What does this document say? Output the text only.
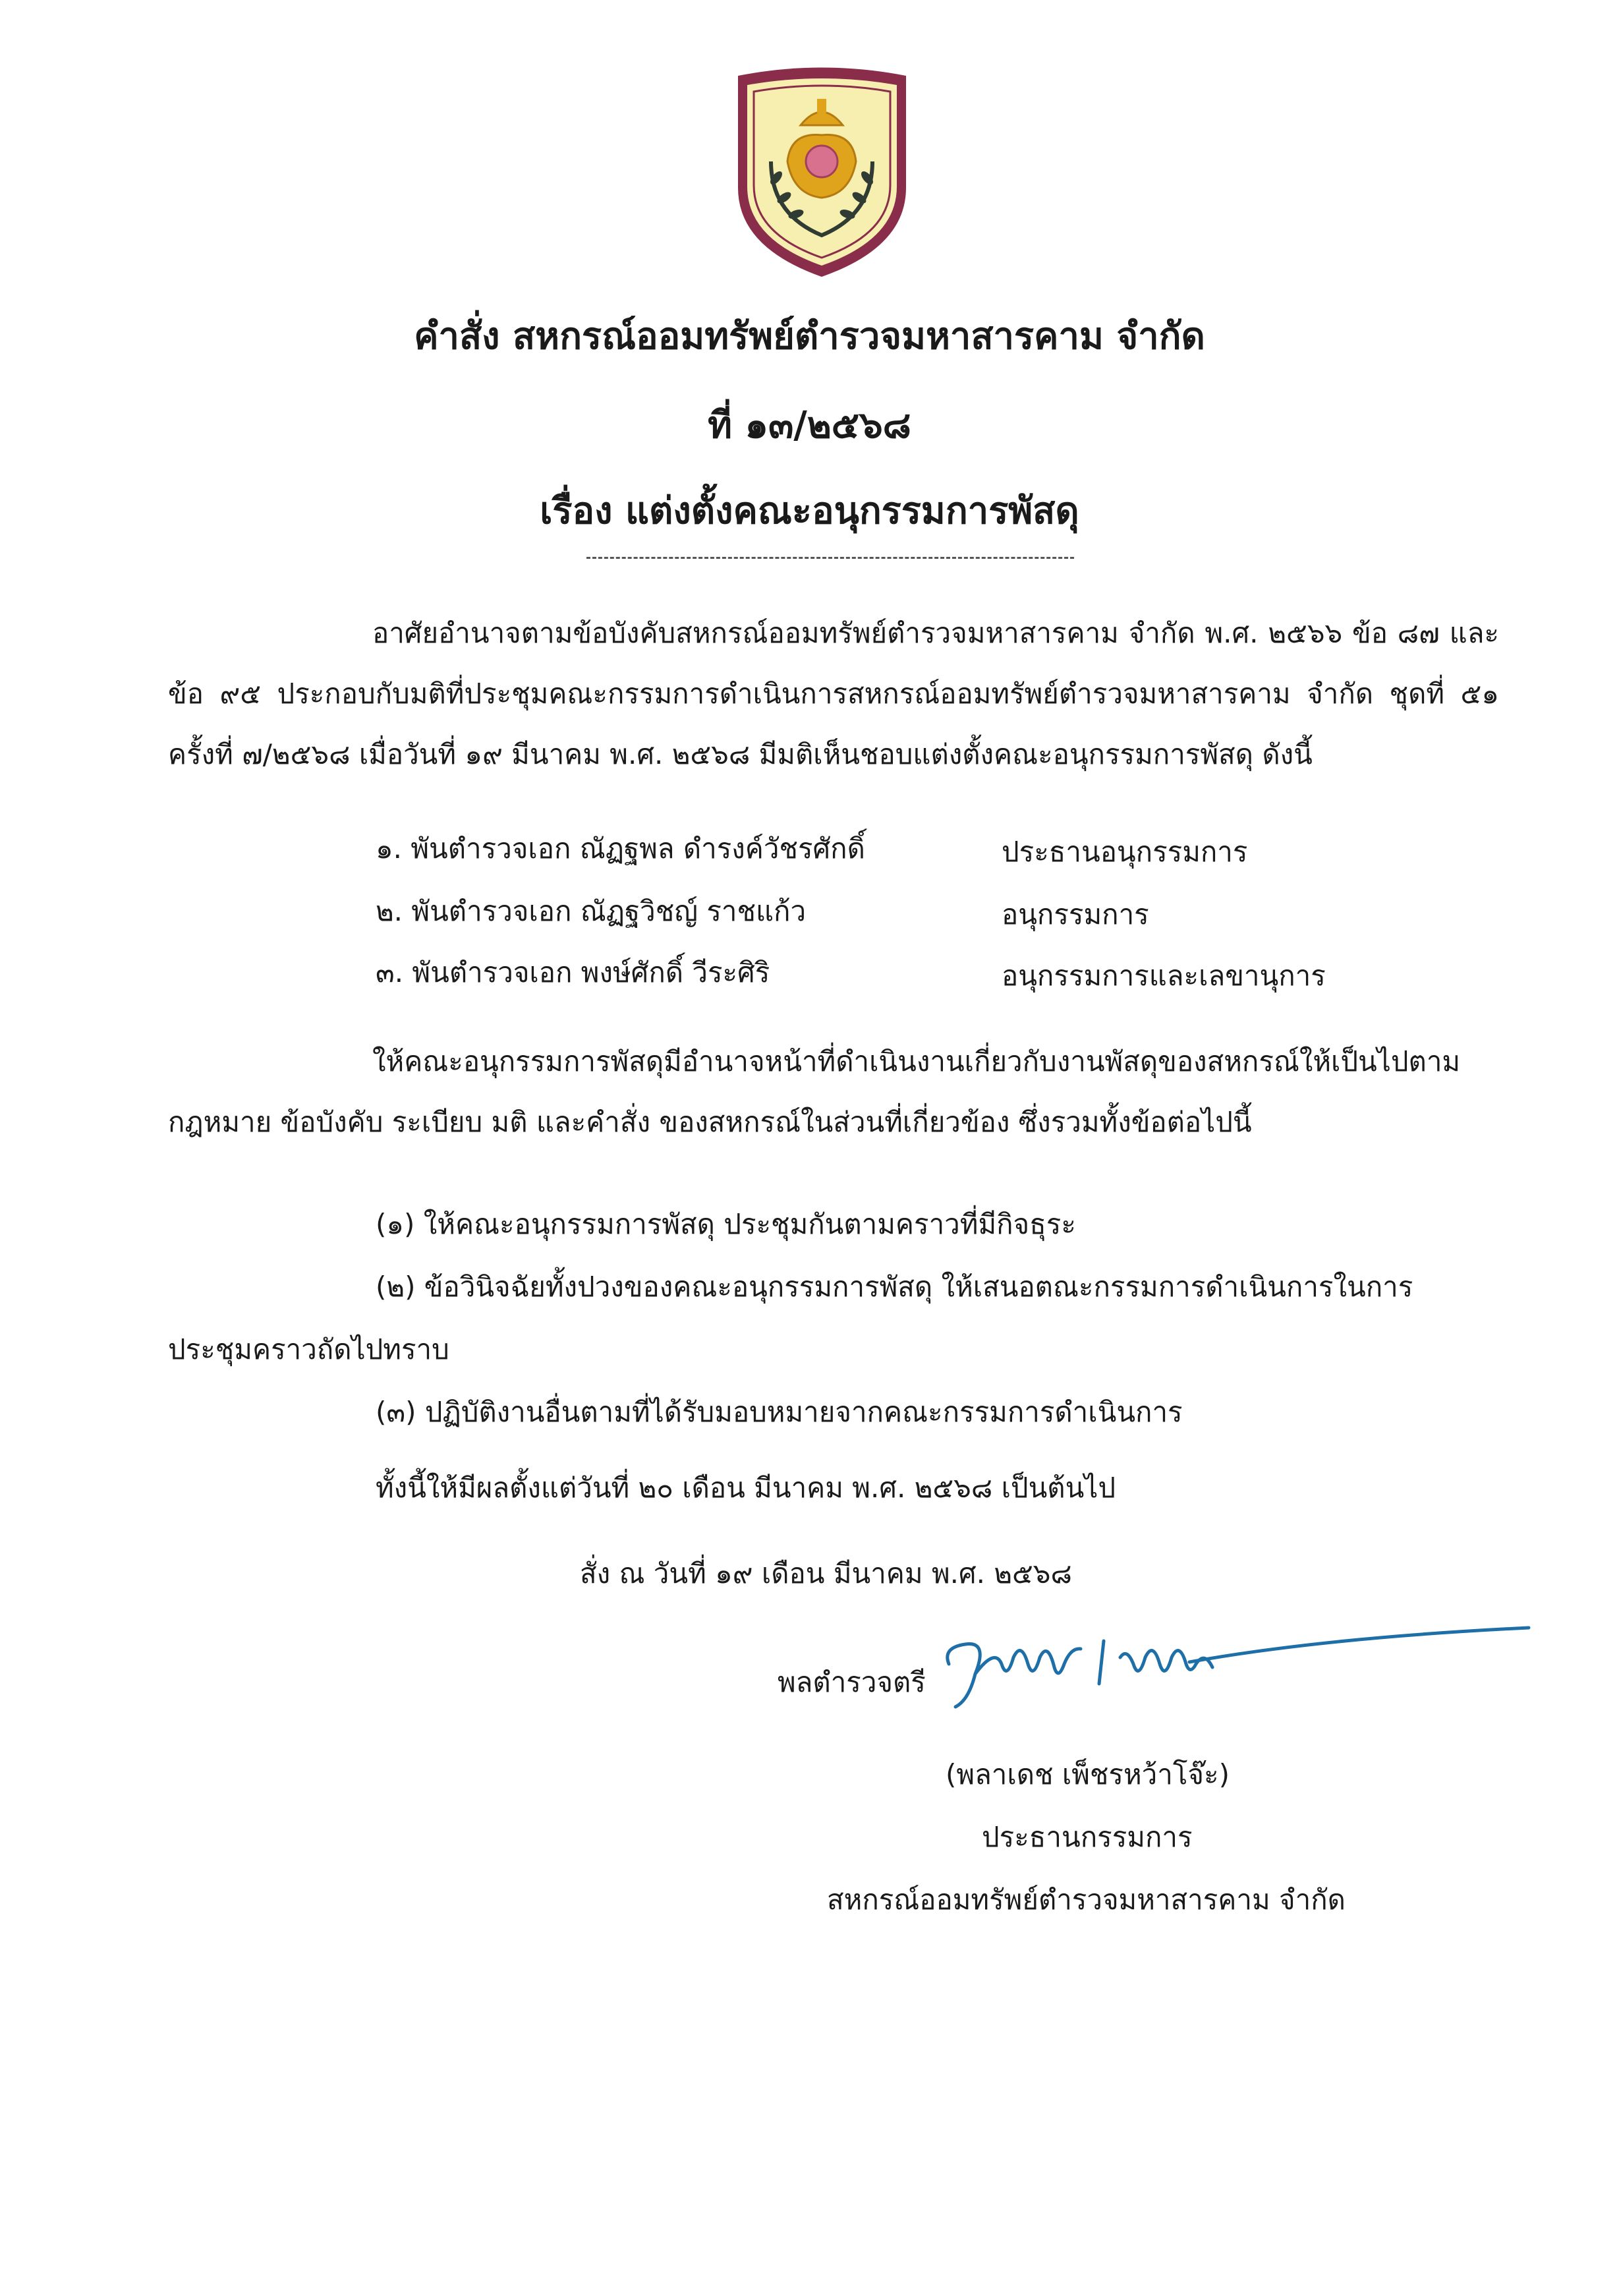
คำสั่ง สหกรณ์ออมทรัพย์ตำรวจมหาสารคาม จำกัด
ที่ ๑๓/๒๕๖๘
เรื่อง แต่งตั้งคณะอนุกรรมการพัสดุ
อาศัยอำนาจตามข้อบังคับสหกรณ์ออมทรัพย์ตำรวจมหาสารคาม จำกัด พ.ศ. ๒๕๖๖ ข้อ ๘๗ และ ข้อ ๙๕ ประกอบกับมติที่ประชุมคณะกรรมการดำเนินการสหกรณ์ออมทรัพย์ตำรวจมหาสารคาม จำกัด ชุดที่ ๕๑ ครั้งที่ ๗/๒๕๖๘ เมื่อวันที่ ๑๙ มีนาคม พ.ศ. ๒๕๖๘ มีมติเห็นชอบแต่งตั้งคณะอนุกรรมการพัสดุ ดังนี้
๑. พันตำรวจเอก ณัฏฐพล ดำรงค์วัชรศักดิ์	ประธานอนุกรรมการ
๒. พันตำรวจเอก ณัฏฐวิชญ์ ราชแก้ว	อนุกรรมการ
๓. พันตำรวจเอก พงษ์ศักดิ์ วีระศิริ	อนุกรรมการและเลขานุการ
ให้คณะอนุกรรมการพัสดุมีอำนาจหน้าที่ดำเนินงานเกี่ยวกับงานพัสดุของสหกรณ์ให้เป็นไปตาม กฎหมาย ข้อบังคับ ระเบียบ มติ และคำสั่ง ของสหกรณ์ในส่วนที่เกี่ยวข้อง ซึ่งรวมทั้งข้อต่อไปนี้
(๑) ให้คณะอนุกรรมการพัสดุ ประชุมกันตามคราวที่มีกิจธุระ
(๒) ข้อวินิจฉัยทั้งปวงของคณะอนุกรรมการพัสดุ ให้เสนอตณะกรรมการดำเนินการในการ
ประชุมคราวถัดไปทราบ
(๓) ปฏิบัติงานอื่นตามที่ได้รับมอบหมายจากคณะกรรมการดำเนินการ
ทั้งนี้ให้มีผลตั้งแต่วันที่ ๒๐ เดือน มีนาคม พ.ศ. ๒๕๖๘ เป็นต้นไป
สั่ง ณ วันที่ ๑๙ เดือน มีนาคม พ.ศ. ๒๕๖๘
พลตำรวจตรี
(พลาเดช เพ็ชรหว้าโจ๊ะ)
ประธานกรรมการ
สหกรณ์ออมทรัพย์ตำรวจมหาสารคาม จำกัด
